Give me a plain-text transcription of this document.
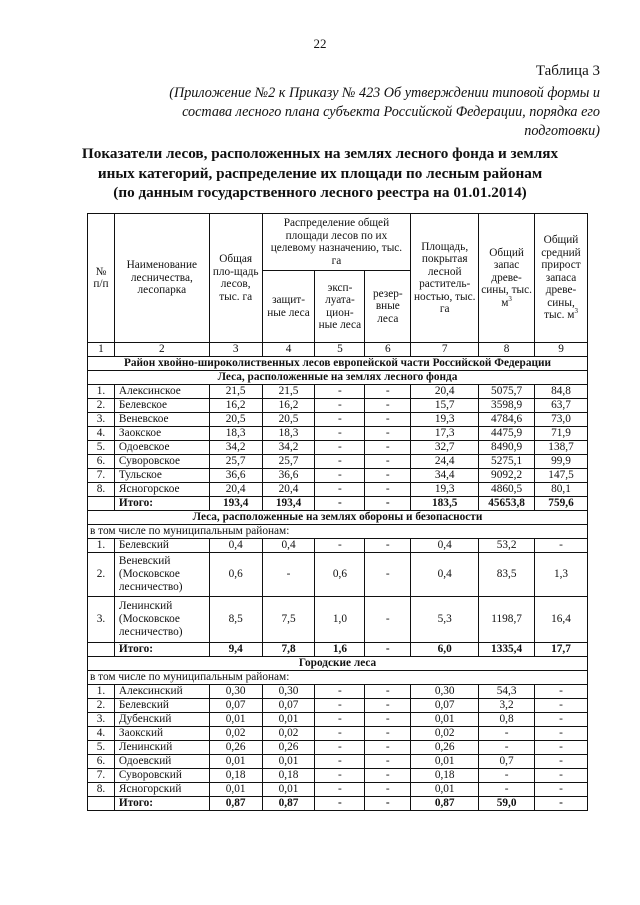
22
Таблица 3
(Приложение №2 к Приказу № 423 Об утверждении типовой формы и состава лесного плана субъекта Российской Федерации, порядка его подготовки)
Показатели лесов, расположенных на землях лесного фонда и землях
иных категорий, распределение их площади по лесным районам
(по данным государственного лесного реестра на 01.01.2014)
№ п/п	Наименование лесничества, лесопарка	Общая пло-щадь лесов, тыс. га	Распределение общей площади лесов по их целевому назначению, тыс. га			Площадь, покрытая лесной раститель-ностью, тыс. га	Общий запас древе-сины, тыс. $м^3$	Общий средний прирост запаса древе-сины, тыс. $м^3$
			защит-ные леса	эксп-луата-цион-ные леса	резер-вные леса			
1	2	3	4	5	6	7	8	9
Район хвойно-широколиственных лесов европейской части Российской Федерации								
Леса, расположенные на землях лесного фонда								
1.	Алексинское	21,5	21,5	-	-	20,4	5075,7	84,8
2.	Белевское	16,2	16,2	-	-	15,7	3598,9	63,7
3.	Веневское	20,5	20,5	-	-	19,3	4784,6	73,0
4.	Заокское	18,3	18,3	-	-	17,3	4475,9	71,9
5.	Одоевское	34,2	34,2	-	-	32,7	8490,9	138,7
6.	Суворовское	25,7	25,7	-	-	24,4	5275,1	99,9
7.	Тульское	36,6	36,6	-	-	34,4	9092,2	147,5
8.	Ясногорское	20,4	20,4	-	-	19,3	4860,5	80,1
	Итого:	193,4	193,4	-	-	183,5	45653,8	759,6
Леса, расположенные на землях обороны и безопасности								
в том числе по муниципальным районам:								
1.	Белевский	0,4	0,4	-	-	0,4	53,2	-
2.	Веневский (Московское лесничество)	0,6	-	0,6	-	0,4	83,5	1,3
3.	Ленинский (Московское лесничество)	8,5	7,5	1,0	-	5,3	1198,7	16,4
	Итого:	9,4	7,8	1,6	-	6,0	1335,4	17,7
Городские леса								
в том числе по муниципальным районам:								
1.	Алексинский	0,30	0,30	-	-	0,30	54,3	-
2.	Белевский	0,07	0,07	-	-	0,07	3,2	-
3.	Дубенский	0,01	0,01	-	-	0,01	0,8	-
4.	Заокский	0,02	0,02	-	-	0,02	-	-
5.	Ленинский	0,26	0,26	-	-	0,26	-	-
6.	Одоевский	0,01	0,01	-	-	0,01	0,7	-
7.	Суворовский	0,18	0,18	-	-	0,18	-	-
8.	Ясногорский	0,01	0,01	-	-	0,01	-	-
	Итого:	0,87	0,87	-	-	0,87	59,0	-
